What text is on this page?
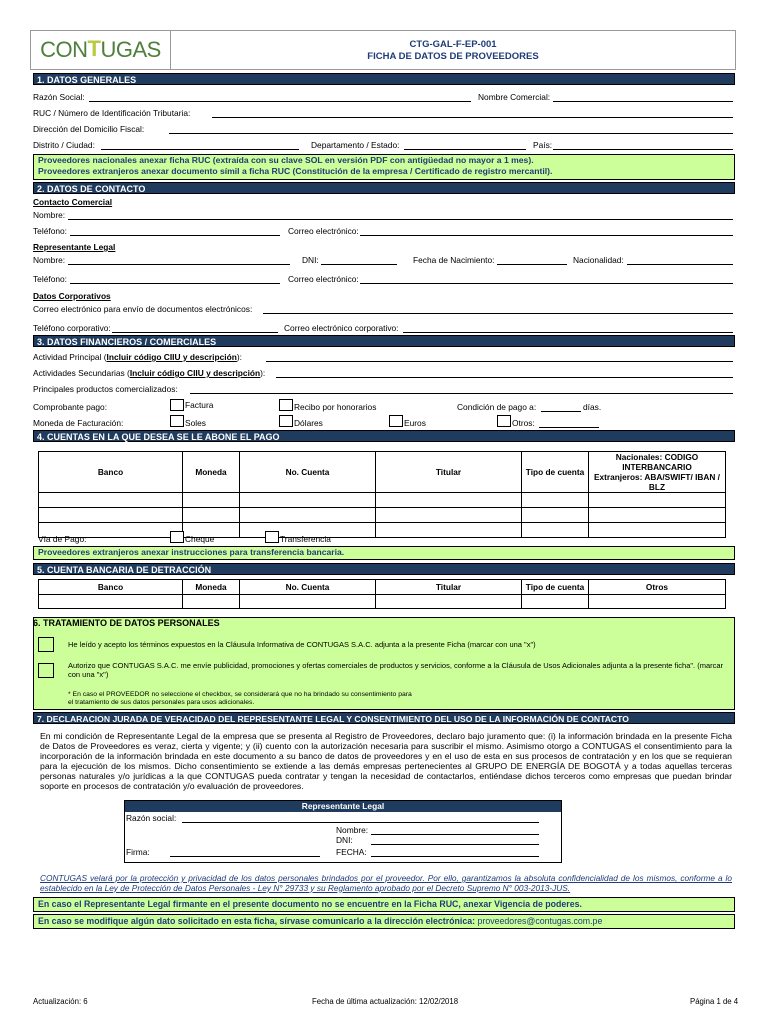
CON T UGAS	CTG-GAL-F-EP-001
FICHA DE DATOS DE PROVEEDORES
1. DATOS GENERALES
Razón Social:	Nombre Comercial:
RUC / Número de Identificación Tributaria:
Dirección del Domicilio Fiscal:
Distrito / Ciudad:	Departamento / Estado:	País:
Proveedores nacionales anexar ficha RUC (extraída con su clave SOL en versión PDF con antigüedad no mayor a 1 mes).
Proveedores extranjeros anexar documento símil a ficha RUC (Constitución de la empresa / Certificado de registro mercantil).
2. DATOS DE CONTACTO
Contacto Comercial
Nombre:
Teléfono:	Correo electrónico:
Representante Legal
Nombre:	DNI:	Fecha de Nacimiento:	Nacionalidad:
Teléfono:	Correo electrónico:
Datos Corporativos
Correo electrónico para envío de documentos electrónicos:
Teléfono corporativo:	Correo electrónico corporativo:
3. DATOS FINANCIEROS / COMERCIALES
Actividad Principal (Incluir código CIIU y descripción):
Actividades Secundarias (Incluir código CIIU y descripción):
Principales productos comercializados:
Comprobante pago:	Factura	Recibo por honorarios	Condición de pago a:	días.
Moneda de Facturación:	Soles	Dólares	Euros	Otros:
4. CUENTAS EN LA QUE DESEA SE LE ABONE EL PAGO
Banco	Moneda	No. Cuenta	Titular	Tipo de cuenta	Nacionales: CODIGO INTERBANCARIO
Extranjeros: ABA/SWIFT/ IBAN / BLZ

Vía de Pago:	Cheque	Transferencia
Proveedores extranjeros anexar instrucciones para transferencia bancaria.
5. CUENTA BANCARIA DE DETRACCIÓN
Banco	Moneda	No. Cuenta	Titular	Tipo de cuenta	Otros

6. TRATAMIENTO DE DATOS PERSONALES
He leído y acepto los términos expuestos en la Cláusula Informativa de CONTUGAS S.A.C. adjunta a la presente Ficha (marcar con una "x")
Autorizo que CONTUGAS S.A.C. me envíe publicidad, promociones y ofertas comerciales de productos y servicios, conforme a la Cláusula de Usos Adicionales adjunta a la presente ficha". (marcar con una "x")
* En caso el PROVEEDOR no seleccione el checkbox, se considerará que no ha brindado su consentimiento para
el tratamiento de sus datos personales para usos adicionales.
7. DECLARACION JURADA DE VERACIDAD DEL REPRESENTANTE LEGAL Y CONSENTIMIENTO DEL USO DE LA INFORMACIÓN DE CONTACTO
En mi condición de Representante Legal de la empresa que se presenta al Registro de Proveedores, declaro bajo juramento que: (i) la información brindada en la presente Ficha de Datos de Proveedores es veraz, cierta y vigente; y (ii) cuento con la autorización necesaria para suscribir el mismo. Asimismo otorgo a CONTUGAS el consentimiento para la incorporación de la información brindada en este documento a su banco de datos de proveedores y en el uso de esta en sus procesos de contratación y en los que se requieran para la ejecución de los mismos. Dicho consentimiento se extiende a las demás empresas pertenecientes al GRUPO DE ENERGÍA DE BOGOTÁ y a todas aquellas terceras personas naturales y/o jurídicas a la que CONTUGAS pueda contratar y tengan la necesidad de contactarlos, entiéndase dichos terceros como empresas que puedan brindar soporte en procesos de contratación y/o evaluación de proveedores.
Representante Legal
Razón social:
Nombre:
DNI:
Firma:	FECHA:
CONTUGAS velará por la protección y privacidad de los datos personales brindados por el proveedor. Por ello, garantizamos la absoluta confidencialidad de los mismos, conforme a lo establecido en la Ley de Protección de Datos Personales - Ley N° 29733 y su Reglamento aprobado por el Decreto Supremo N° 003-2013-JUS.
En caso el Representante Legal firmante en el presente documento no se encuentre en la Ficha RUC, anexar Vigencia de poderes.
En caso se modifique algún dato solicitado en esta ficha, sírvase comunicarlo a la dirección electrónica: proveedores@contugas.com.pe
Actualización: 6	Fecha de última actualización: 12/02/2018	Página 1 de 4
